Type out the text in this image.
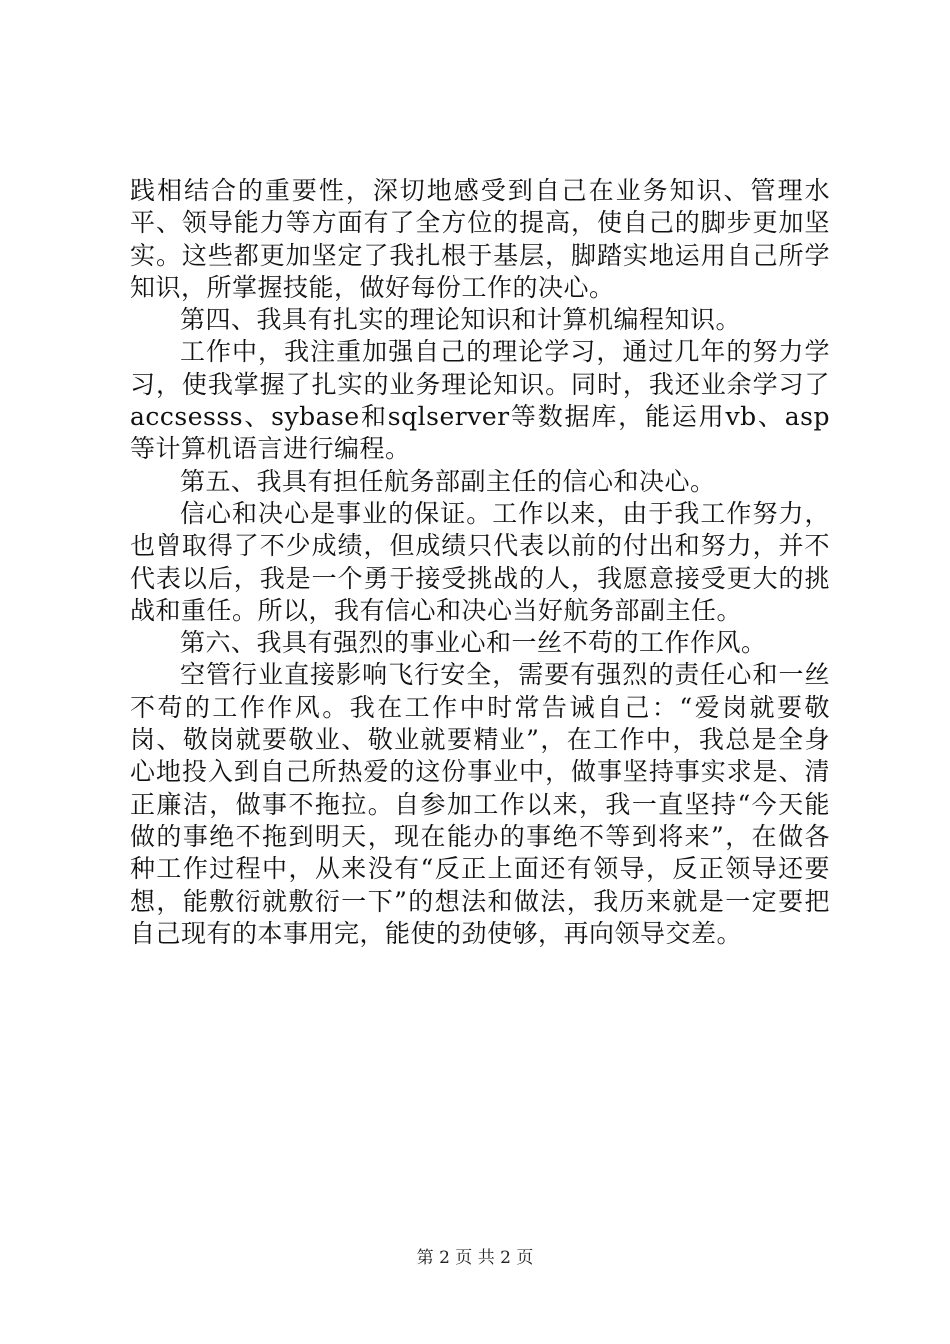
践相结合的重要性，深切地感受到自己在业务知识、管理水平、领导能力等方面有了全方位的提高，使自己的脚步更加坚实。这些都更加坚定了我扎根于基层，脚踏实地运用自己所学知识，所掌握技能，做好每份工作的决心。

第四、我具有扎实的理论知识和计算机编程知识。

工作中，我注重加强自己的理论学习，通过几年的努力学习，使我掌握了扎实的业务理论知识。同时，我还业余学习了accsesss、sybase和sqlserver等数据库，能运用vb、asp等计算机语言进行编程。

第五、我具有担任航务部副主任的信心和决心。

信心和决心是事业的保证。工作以来，由于我工作努力，也曾取得了不少成绩，但成绩只代表以前的付出和努力，并不代表以后，我是一个勇于接受挑战的人，我愿意接受更大的挑战和重任。所以，我有信心和决心当好航务部副主任。

第六、我具有强烈的事业心和一丝不苟的工作作风。

空管行业直接影响飞行安全，需要有强烈的责任心和一丝不苟的工作作风。我在工作中时常告诫自己：“爱岗就要敬岗、敬岗就要敬业、敬业就要精业”，在工作中，我总是全身心地投入到自己所热爱的这份事业中，做事坚持事实求是、清正廉洁，做事不拖拉。自参加工作以来，我一直坚持“今天能做的事绝不拖到明天，现在能办的事绝不等到将来”，在做各种工作过程中，从来没有“反正上面还有领导，反正领导还要想，能敷衍就敷衍一下”的想法和做法，我历来就是一定要把自己现有的本事用完，能使的劲使够，再向领导交差。

第 2 页 共 2 页
